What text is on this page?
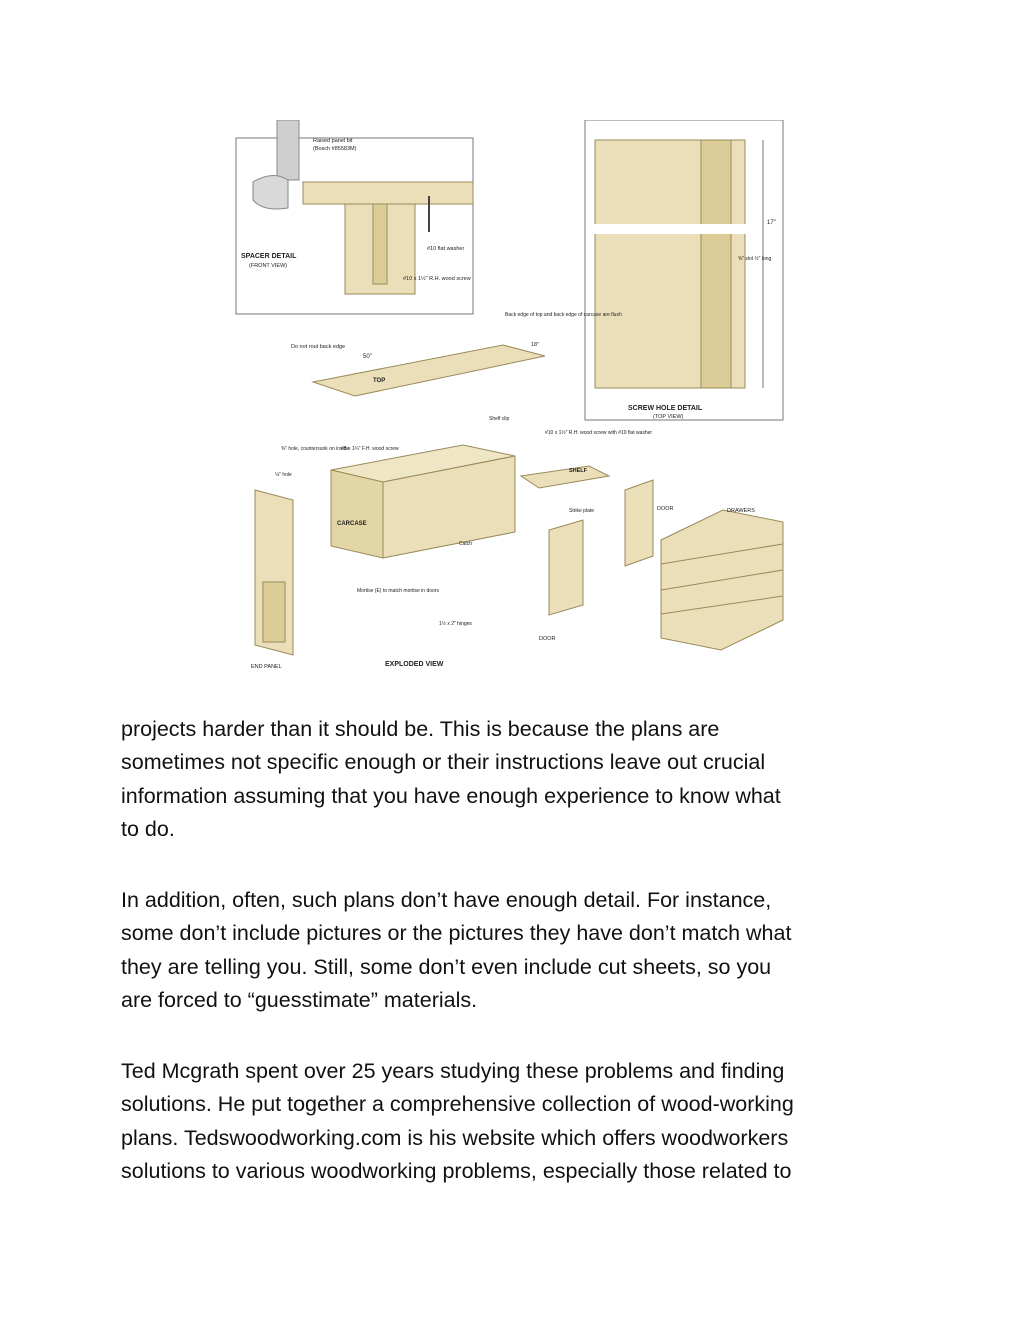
SPACER DETAIL
(FRONT VIEW)
Raised panel bit
(Bosch #85583M)
#10 flat washer
#10 x 1½" R.H. wood screw
SCREW HOLE DETAIL
(TOP VIEW)
17"
⅜" slot ½" long
TOP
50"
Do not rout back edge
Back edge of top and back edge of carcase are flush
18"
CARCASE
#8 x 1¼" F.H. wood screw
⅜" hole, countersunk on inside
⅛" hole
Catch
Mortise (E) to match mortise in doors
1½ x 2" hinges
Shelf clip
#10 x 1½" R.H. wood screw with #10 flat washer
SHELF
Strike plate
END PANEL
DOOR
DOOR	DRAWERS
EXPLODED VIEW

projects harder than it should be. This is because the plans are
sometimes not specific enough or their instructions leave out crucial
information assuming that you have enough experience to know what
to do.

In addition, often, such plans don’t have enough detail. For instance,
some don’t include pictures or the pictures they have don’t match what
they are telling you. Still, some don’t even include cut sheets, so you
are forced to “guesstimate” materials.

Ted Mcgrath spent over 25 years studying these problems and finding
solutions. He put together a comprehensive collection of wood-working
plans. Tedswoodworking.com is his website which offers woodworkers
solutions to various woodworking problems, especially those related to
